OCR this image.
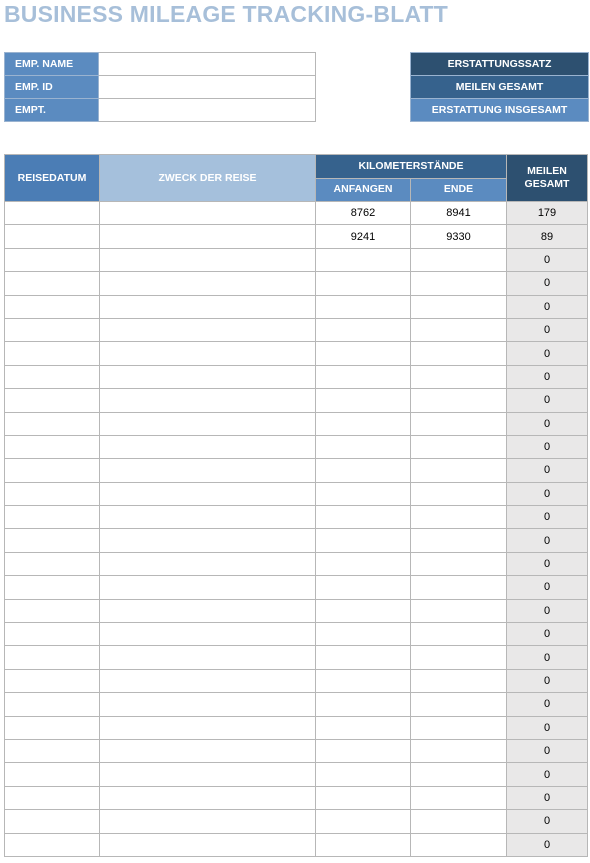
BUSINESS MILEAGE TRACKING-BLATT
EMP. NAME	
EMP. ID	
EMPT.	
ERSTATTUNGSSATZ
MEILEN GESAMT
ERSTATTUNG INSGESAMT
REISEDATUM	ZWECK DER REISE	KILOMETERSTÄNDE		MEILEN
GESAMT
		ANFANGEN	ENDE	
		8762	8941	179
		9241	9330	89
				0
				0
				0
				0
				0
				0
				0
				0
				0
				0
				0
				0
				0
				0
				0
				0
				0
				0
				0
				0
				0
				0
				0
				0
				0
				0
